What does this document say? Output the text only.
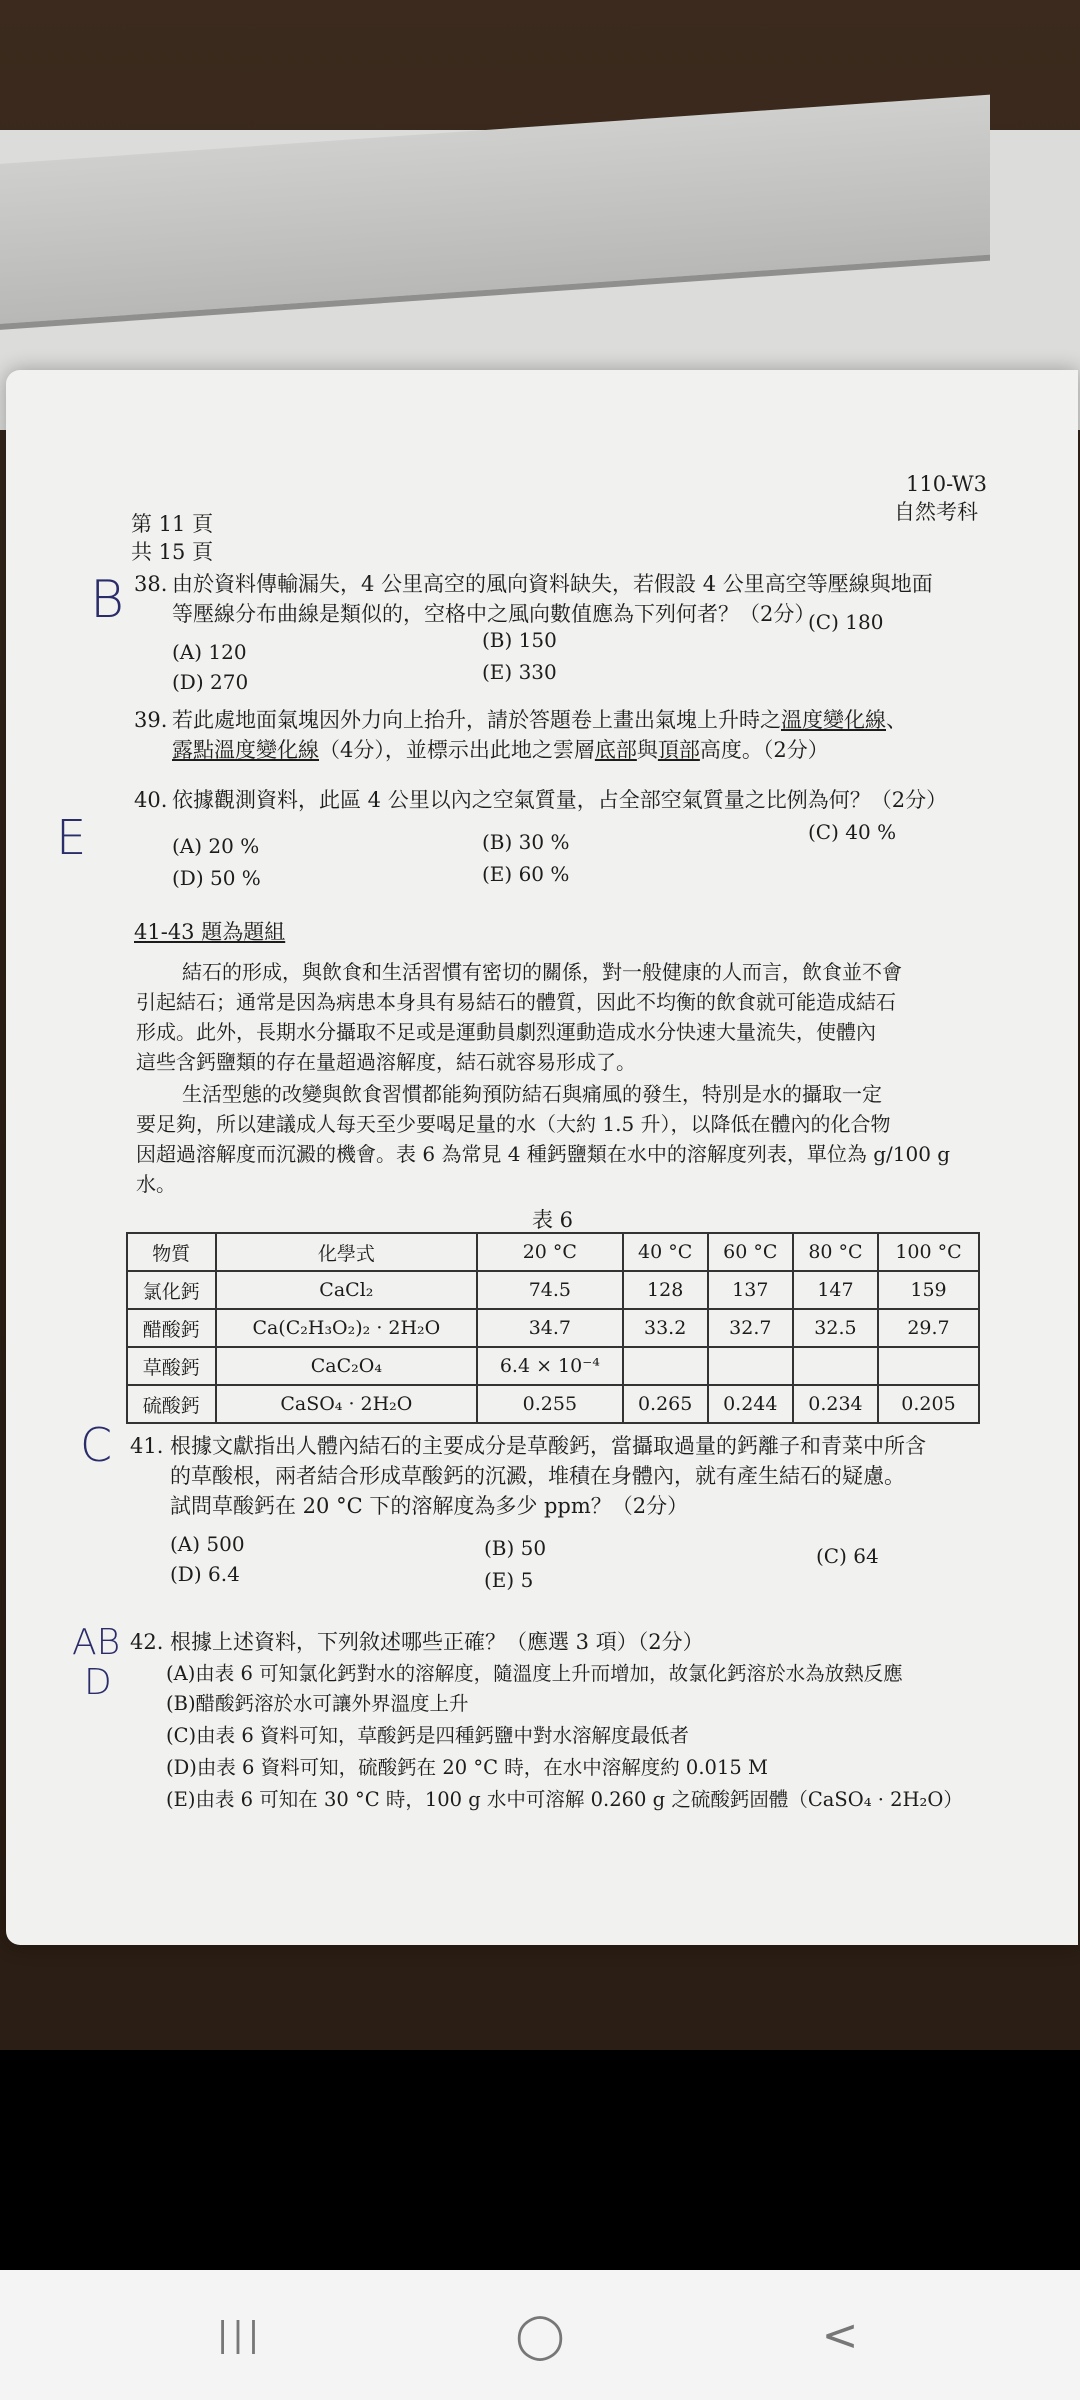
第 11 頁
共 15 頁
110-W3
自然考科
B 38. 由於資料傳輸漏失，4 公里高空的風向資料缺失，若假設 4 公里高空等壓線與地面
等壓線分布曲線是類似的，空格中之風向數值應為下列何者？（2分）
(A) 120	(B) 150
(C) 180
(D) 270	(E) 330
39. 若此處地面氣塊因外力向上抬升，請於答題卷上畫出氣塊上升時之溫度變化線、
露點溫度變化線（4分），並標示出此地之雲層底部與頂部高度。（2分）
E
40. 依據觀測資料，此區 4 公里以內之空氣質量，占全部空氣質量之比例為何？（2分）
(A) 20 %	(B) 30 %	(C) 40 %
(D) 50 %	(E) 60 %
41-43 題為題組
結石的形成，與飲食和生活習慣有密切的關係，對一般健康的人而言，飲食並不會
引起結石；通常是因為病患本身具有易結石的體質，因此不均衡的飲食就可能造成結石
形成。此外，長期水分攝取不足或是運動員劇烈運動造成水分快速大量流失，使體內
這些含鈣鹽類的存在量超過溶解度，結石就容易形成了。
生活型態的改變與飲食習慣都能夠預防結石與痛風的發生，特別是水的攝取一定
要足夠，所以建議成人每天至少要喝足量的水（大約 1.5 升），以降低在體內的化合物
因超過溶解度而沉澱的機會。表 6 為常見 4 種鈣鹽類在水中的溶解度列表，單位為 g/100 g
水。
表 6
物質	化學式	20 °C	40 °C	60 °C	80 °C	100 °C
氯化鈣	CaCl₂	74.5	128	137	147	159
醋酸鈣	Ca(C₂H₃O₂)₂ · 2H₂O	34.7	33.2	32.7	32.5	29.7
草酸鈣	CaC₂O₄	6.4 × 10⁻⁴				
硫酸鈣	CaSO₄ · 2H₂O	0.255	0.265	0.244	0.234	0.205
C 41. 根據文獻指出人體內結石的主要成分是草酸鈣，當攝取過量的鈣離子和青菜中所含
的草酸根，兩者結合形成草酸鈣的沉澱，堆積在身體內，就有產生結石的疑慮。
試問草酸鈣在 20 °C 下的溶解度為多少 ppm？（2分）
(A) 500	(B) 50	(C) 64
(D) 6.4	(E) 5
AB
D
42. 根據上述資料，下列敘述哪些正確？（應選 3 項）（2分）
(A)由表 6 可知氯化鈣對水的溶解度，隨溫度上升而增加，故氯化鈣溶於水為放熱反應
(B)醋酸鈣溶於水可讓外界溫度上升
(C)由表 6 資料可知，草酸鈣是四種鈣鹽中對水溶解度最低者
(D)由表 6 資料可知，硫酸鈣在 20 °C 時，在水中溶解度約 0.015 M
(E)由表 6 可知在 30 °C 時，100 g 水中可溶解 0.260 g 之硫酸鈣固體（CaSO₄ · 2H₂O）
|||	◯	<
